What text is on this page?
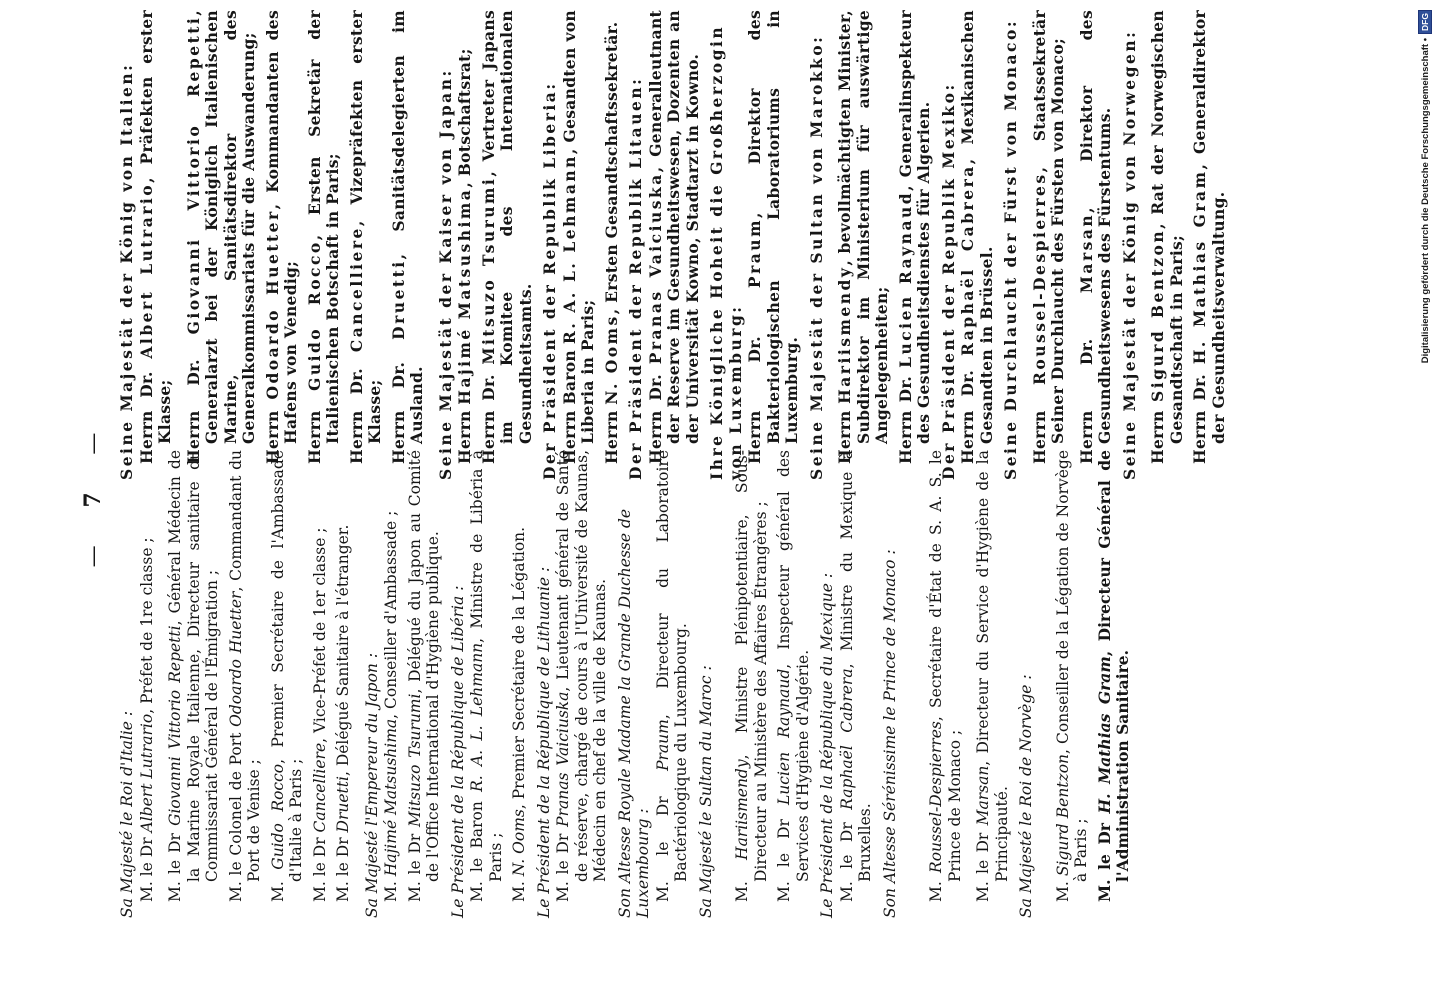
— 7 —
Sa Majesté le Roi d'Italie : M. le Dr Albert Lutrario, Préfet de 1re classe ;
M. le Dr Giovanni Vittorio Repetti, Général Médecin de la Marine Royale Italienne, Directeur sanitaire du Commissariat Général de l'Émigration ; M. le Colonel de Port Odoardo Huetter, Commandant du Port de Venise ;
M. Guido Rocco, Premier Secrétaire de l'Ambassade d'Italie à Paris ; M. le Dr Cancelliere, Vice-Préfet de 1er classe ;
M. le Dr Druetti, Délégué Sanitaire à l'étranger.
Sa Majesté l'Empereur du Japon : M. Hajimé Matsushima, Conseiller d'Ambassade ;
M. le Dr Mitsuzo Tsurumi, Délégué du Japon au Comité de l'Office International d'Hygiène publique. Le Président de la République de Libéria : M. le Baron R. A. L. Lehmann, Ministre de Libéria à Paris ;
M. N. Ooms, Premier Secrétaire de la Légation. Le Président de la République de Lithuanie : M. le Dr Pranas Vaiciuska, Lieutenant général de Santé de réserve, chargé de cours à l'Université de Kaunas, Médecin en chef de la ville de Kaunas. Son Altesse Royale Madame la Grande Duchesse de Luxembourg : M. le Dr Praum, Directeur du Laboratoire Bactériologique du Luxembourg. Sa Majesté le Sultan du Maroc : M. Hariismendy, Ministre Plénipotentiaire, Sous-Directeur au Ministère des Affaires Étrangères ; M. le Dr Lucien Raynaud, Inspecteur général des Services d'Hygiène d'Algérie. Le Président de la République du Mexique : M. le Dr Raphaël Cabrera, Ministre du Mexique à Bruxelles. Son Altesse Sérénissime le Prince de Monaco : M. Roussel-Despierres, Secrétaire d'État de S. A. S. le Prince de Monaco ; M. le Dr Marsan, Directeur du Service d'Hygiène de la Principauté. Sa Majesté le Roi de Norvège : M. Sigurd Bentzon, Conseiller de la Légation de Norvège à Paris ; M. le Dr H. Mathias Gram, Directeur Général de l'Administration Sanitaire.
Seine Majestät der König von Italien: Herrn Dr. Albert Lutrario, Präfekten erster Klasse; Herrn Dr. Giovanni Vittorio Repetti, Generalarzt bei der Königlich Italienischen Marine, Sanitätsdirektor des Generalkommissariats für die Auswanderung; Herrn Odoardo Huetter, Kommandanten des Hafens von Venedig; Herrn Guido Rocco, Ersten Sekretär der Italienischen Botschaft in Paris; Herrn Dr. Cancelliere, Vizepräfekten erster Klasse; Herrn Dr. Druetti, Sanitätsdelegierten im Ausland. Seine Majestät der Kaiser von Japan: Herrn Hajimé Matsushima, Botschaftsrat;
Herrn Dr. Mitsuzo Tsurumi, Vertreter Japans im Komitee des Internationalen Gesundheitsamts. Der Präsident der Republik Liberia: Herrn Baron R. A. L. Lehmann, Gesandten von Liberia in Paris; Herrn N. Ooms, Ersten Gesandtschaftssekretär. Der Präsident der Republik Litauen: Herrn Dr. Pranas Vaiciuska, Generalleutnant der Reserve im Gesundheitswesen, Dozenten an der Universität Kowno, Stadtarzt in Kowno. Ihre Königliche Hoheit die Großherzogin von Luxemburg: Herrn Dr. Praum, Direktor des Bakteriologischen Laboratoriums in Luxemburg. Seine Majestät der Sultan von Marokko: Herrn Hariismendy, bevollmächtigten Minister, Subdirektor im Ministerium für auswärtige Angelegenheiten; Herrn Dr. Lucien Raynaud, Generalinspekteur des Gesundheitsdienstes für Algerien. Der Präsident der Republik Mexiko: Herrn Dr. Raphaël Cabrera, Mexikanischen Gesandten in Brüssel. Seine Durchlaucht der Fürst von Monaco: Herrn Roussel-Despierres, Staatssekretär Seiner Durchlaucht des Fürsten von Monaco; Herrn Dr. Marsan, Direktor des Gesundheitswesens des Fürstentums. Seine Majestät der König von Norwegen: Herrn Sigurd Bentzon, Rat der Norwegischen Gesandtschaft in Paris; Herrn Dr. H. Mathias Gram, Generaldirektor der Gesundheitsverwaltung.	Digitalisierung gefördert durch die Deutsche Forschungsgemeinschaft •
DFG
